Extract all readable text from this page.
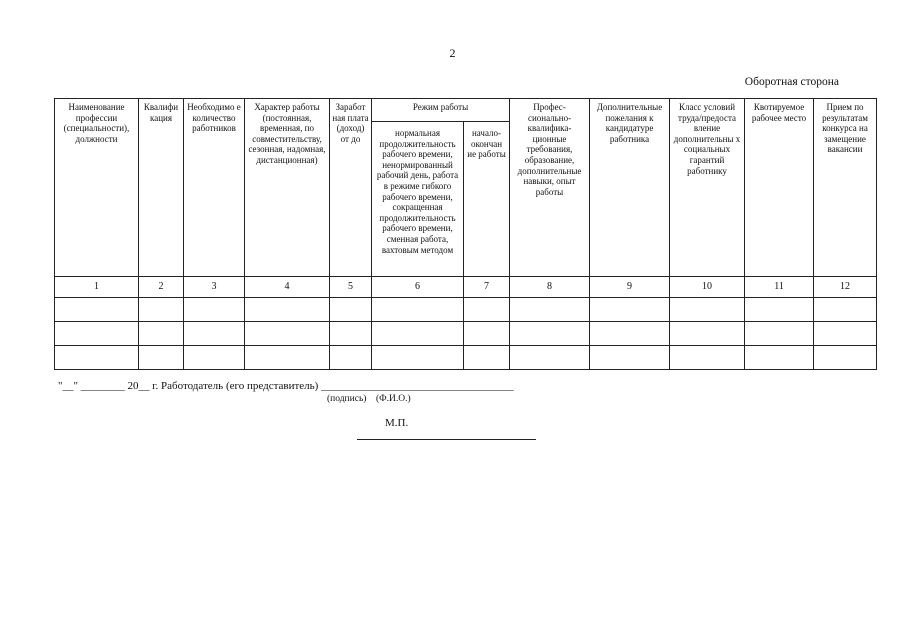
2
Оборотная сторона
Наименование профессии (специальности), должности	Квалифи кация	Необходимо е количество работников	Характер работы (постоянная, временная, по совместительству, сезонная, надомная, дистанционная)	Заработ ная плата (доход) от до	Режим работы		Профес-сионально-квалифика-ционные требования, образование, дополнительные навыки, опыт работы	Дополнительные пожелания к кандидатуре работника	Класс условий труда/предоста вление дополнительны х социальных гарантий работнику	Квотируемое рабочее место	Прием по результатам конкурса на замещение вакансии
					нормальная продолжительность рабочего времени, ненормированный рабочий день, работа в режиме гибкого рабочего времени, сокращенная продолжительность рабочего времени, сменная работа, вахтовым методом	начало-окончан ие работы					
1	2	3	4	5	6	7	8	9	10	11	12

"__" ________ 20__ г. Работодатель (его представитель) ___________________________________
(подпись)    (Ф.И.О.)
М.П.
